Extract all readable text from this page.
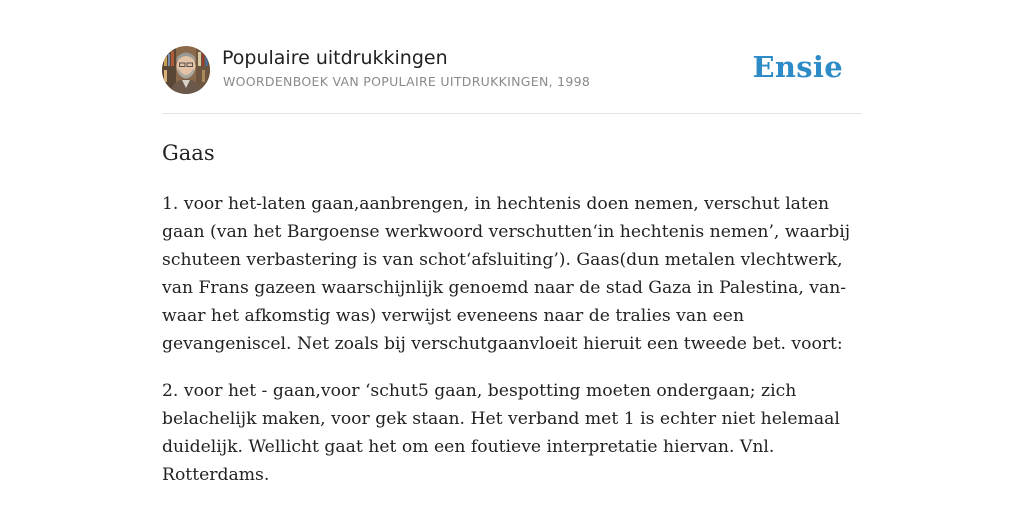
Populaire uitdrukkingen
WOORDENBOEK VAN POPULAIRE UITDRUKKINGEN, 1998	Ensie
Gaas

1. voor het-laten gaan,aanbrengen, in hechtenis doen nemen, verschut laten gaan (van het Bargoense werkwoord verschutten‘in hechtenis nemen’, waarbij schuteen verbastering is van schot‘afsluiting’). Gaas(dun metalen vlechtwerk, van Frans gazeen waarschijnlijk genoemd naar de stad Gaza in Palestina, van-waar het afkomstig was) verwijst eveneens naar de tralies van een gevangeniscel. Net zoals bij verschutgaanvloeit hieruit een tweede bet. voort:

2. voor het - gaan,voor ‘schut5 gaan, bespotting moeten ondergaan; zich belachelijk maken, voor gek staan. Het verband met 1 is echter niet helemaal duidelijk. Wellicht gaat het om een foutieve interpretatie hiervan. Vnl. Rotterdams.
